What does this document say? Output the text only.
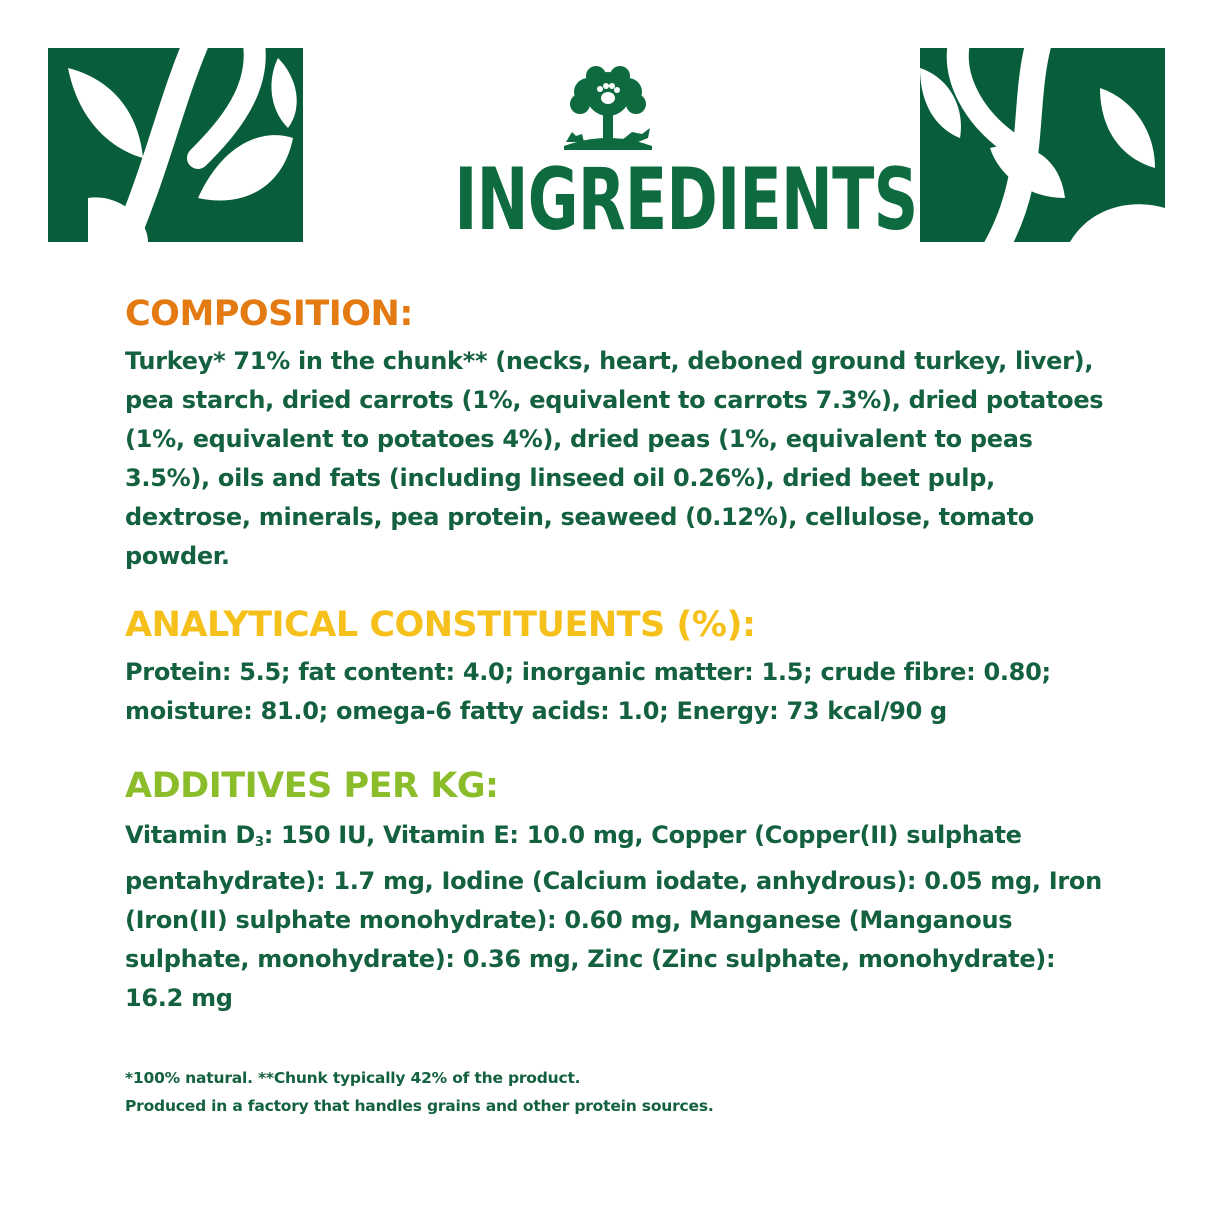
INGREDIENTS
COMPOSITION:

Turkey* 71% in the chunk** (necks, heart, deboned ground turkey, liver), pea starch, dried carrots (1%, equivalent to carrots 7.3%), dried potatoes (1%, equivalent to potatoes 4%), dried peas (1%, equivalent to peas 3.5%), oils and fats (including linseed oil 0.26%), dried beet pulp, dextrose, minerals, pea protein, seaweed (0.12%), cellulose, tomato powder.

ANALYTICAL CONSTITUENTS (%):

Protein: 5.5; fat content: 4.0; inorganic matter: 1.5; crude fibre: 0.80; moisture: 81.0; omega-6 fatty acids: 1.0; Energy: 73 kcal/90 g

ADDITIVES PER KG:

Vitamin $D_3$: 150 IU, Vitamin E: 10.0 mg, Copper (Copper(II) sulphate pentahydrate): 1.7 mg, Iodine (Calcium iodate, anhydrous): 0.05 mg, Iron (Iron(II) sulphate monohydrate): 0.60 mg, Manganese (Manganous sulphate, monohydrate): 0.36 mg, Zinc (Zinc sulphate, monohydrate): 16.2 mg

*100% natural. **Chunk typically 42% of the product.

Produced in a factory that handles grains and other protein sources.
